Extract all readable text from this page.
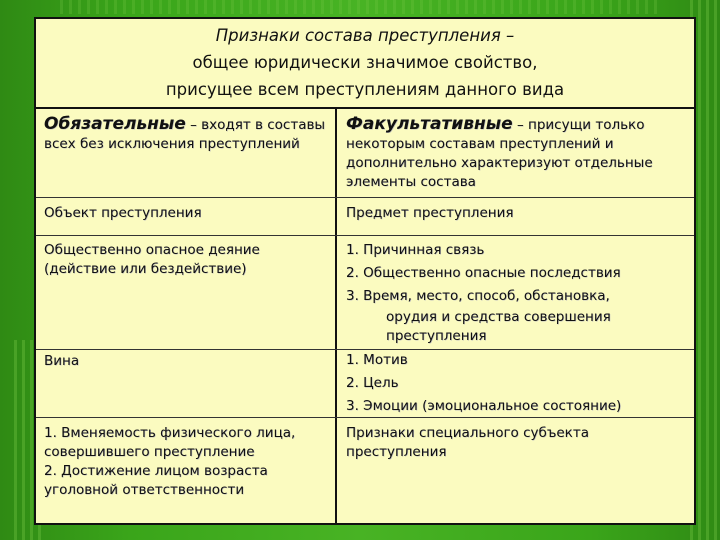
Признаки состава преступления –
общее юридически значимое свойство,
присущее всем преступлениям данного вида
Обязательные – входят в составы всех без исключения преступлений
Факультативные – присущи только некоторым составам преступлений и дополнительно характеризуют отдельные элементы состава
Объект преступления	Предмет преступления
Общественно опасное деяние (действие или бездействие)
1. Причинная связь
2. Общественно опасные последствия
3. Время, место, способ, обстановка,
орудия и средства совершения преступления
Вина	1. Мотив
2. Цель
3. Эмоции (эмоциональное состояние)
1. Вменяемость физического лица, совершившего преступление
2. Достижение лицом возраста уголовной ответственности
Признаки специального субъекта преступления
